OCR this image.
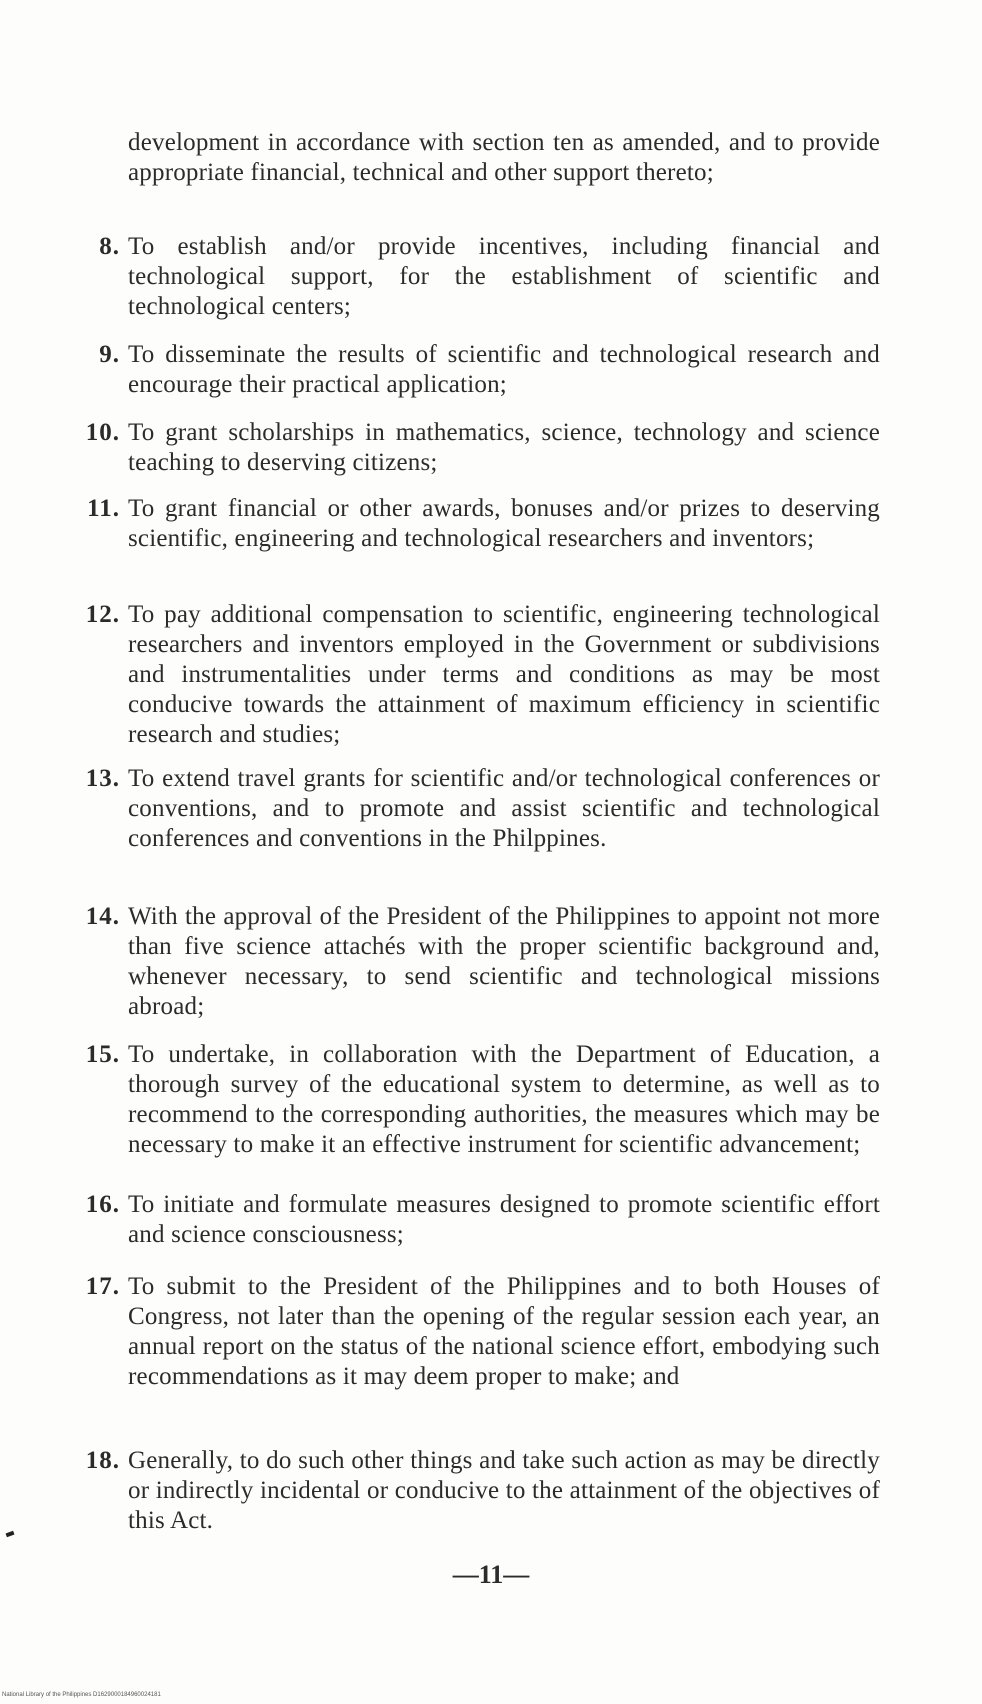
development in accordance with section ten as amended, and to provide appropriate financial, technical and other support thereto;
8. To establish and/or provide incentives, including financial and technological support, for the establishment of scientific and technological centers;
9. To disseminate the results of scientific and technological research and encourage their practical application;
10. To grant scholarships in mathematics, science, technology and science teaching to deserving citizens;
11. To grant financial or other awards, bonuses and/or prizes to deserving scientific, engineering and technological researchers and inventors;
12. To pay additional compensation to scientific, engineering technological researchers and inventors employed in the Government or subdivisions and instrumentalities under terms and conditions as may be most conducive towards the attainment of maximum efficiency in scientific research and studies;
13. To extend travel grants for scientific and/or technological conferences or conventions, and to promote and assist scientific and technological conferences and conventions in the Philppines.
14. With the approval of the President of the Philippines to appoint not more than five science attachés with the proper scientific background and, whenever necessary, to send scientific and technological missions abroad;
15. To undertake, in collaboration with the Department of Education, a thorough survey of the educational system to determine, as well as to recommend to the corresponding authorities, the measures which may be necessary to make it an effective instrument for scientific advancement;
16. To initiate and formulate measures designed to promote scientific effort and science consciousness;
17. To submit to the President of the Philippines and to both Houses of Congress, not later than the opening of the regular session each year, an annual report on the status of the national science effort, embodying such recommendations as it may deem proper to make; and
18. Generally, to do such other things and take such action as may be directly or indirectly incidental or conducive to the attainment of the objectives of this Act.
—11—
National Library of the Philippines D1629000184960024181
